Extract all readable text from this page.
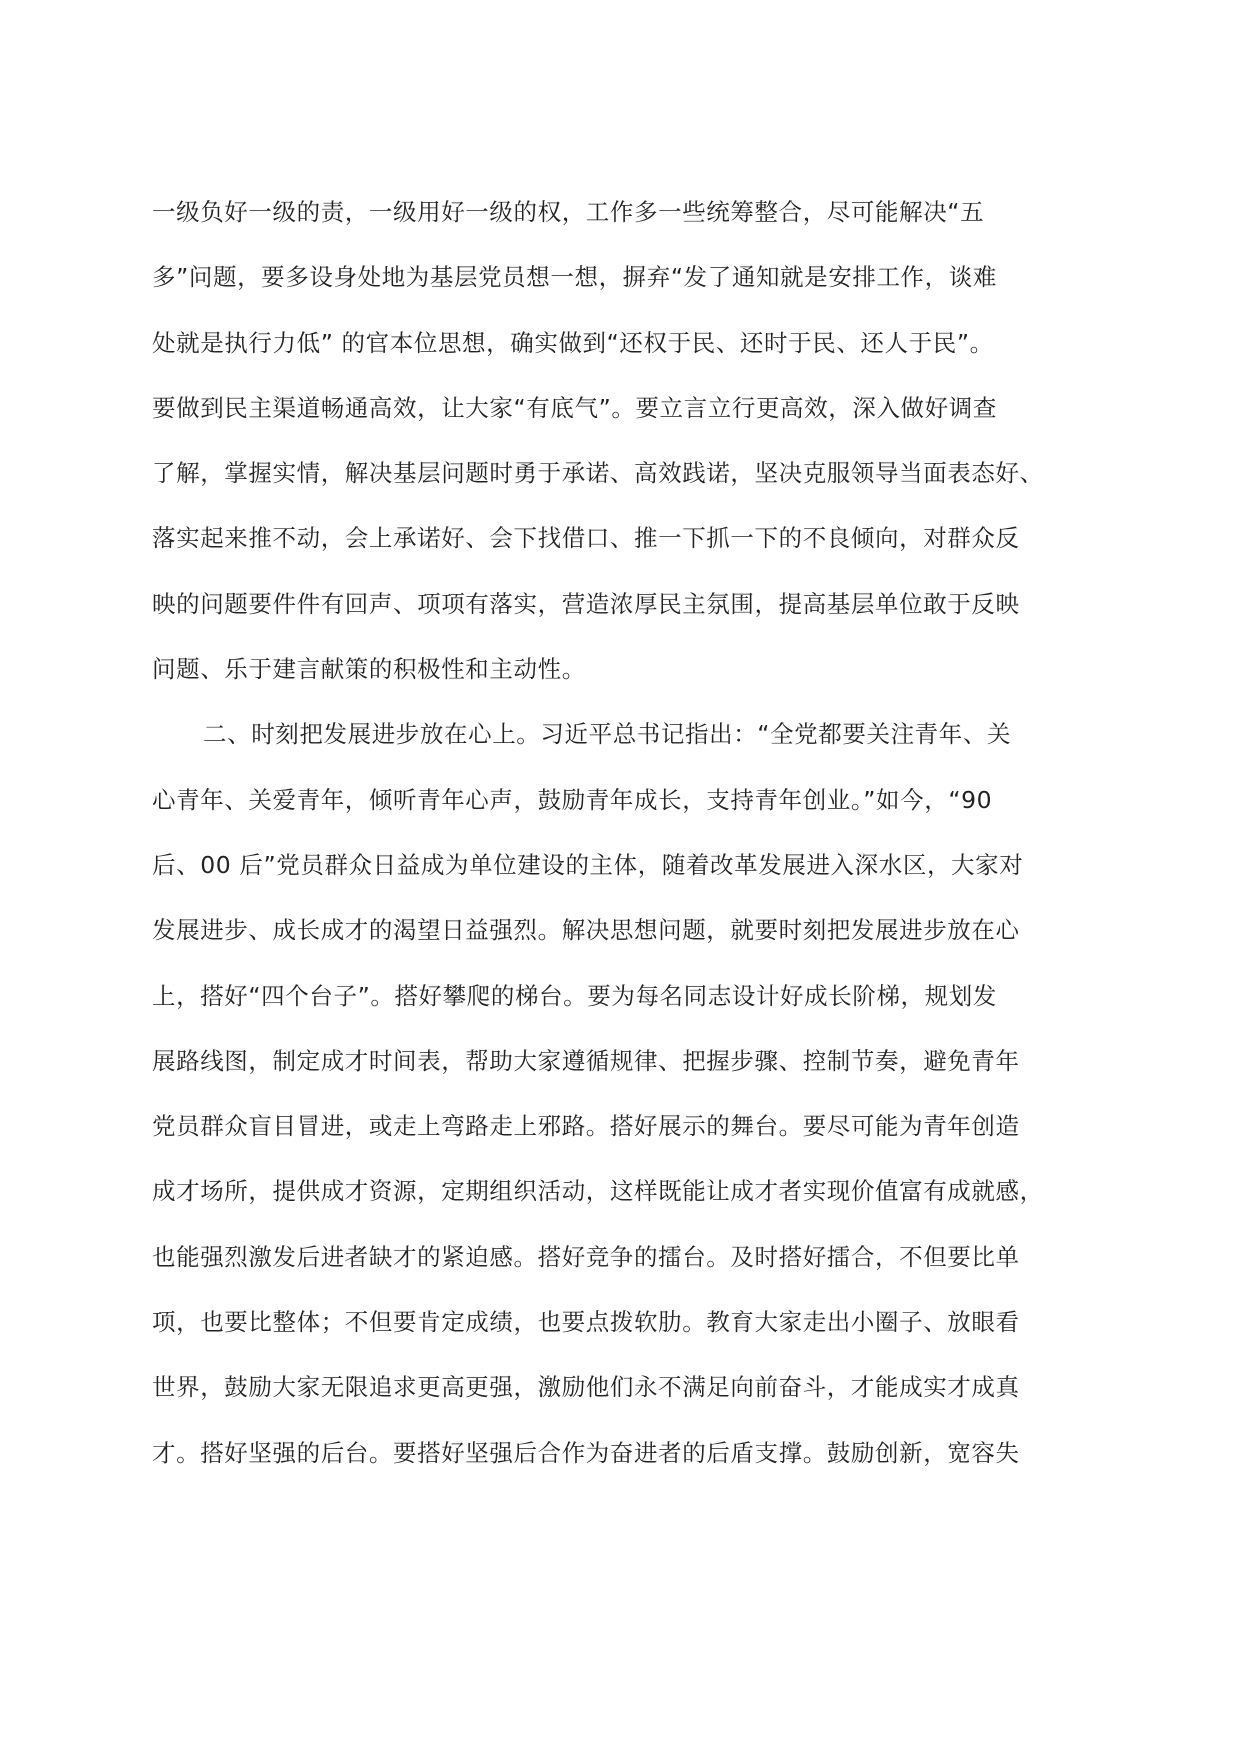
一级负好一级的责，一级用好一级的权，工作多一些统筹整合，尽可能解决“五
多”问题，要多设身处地为基层党员想一想，摒弃“发了通知就是安排工作，谈难
处就是执行力低” 的官本位思想，确实做到“还权于民、还时于民、还人于民”。
要做到民主渠道畅通高效，让大家“有底气”。要立言立行更高效，深入做好调查
了解，掌握实情，解决基层问题时勇于承诺、高效践诺，坚决克服领导当面表态好、
落实起来推不动，会上承诺好、会下找借口、推一下抓一下的不良倾向，对群众反
映的问题要件件有回声、项项有落实，营造浓厚民主氛围，提高基层单位敢于反映
问题、乐于建言献策的积极性和主动性。
二、时刻把发展进步放在心上。习近平总书记指出：“全党都要关注青年、关
心青年、关爱青年，倾听青年心声，鼓励青年成长，支持青年创业。”如今，“90
后、00 后”党员群众日益成为单位建设的主体，随着改革发展进入深水区，大家对
发展进步、成长成才的渴望日益强烈。解决思想问题，就要时刻把发展进步放在心
上，搭好“四个台子”。搭好攀爬的梯台。要为每名同志设计好成长阶梯，规划发
展路线图，制定成才时间表，帮助大家遵循规律、把握步骤、控制节奏，避免青年
党员群众盲目冒进，或走上弯路走上邪路。搭好展示的舞台。要尽可能为青年创造
成才场所，提供成才资源，定期组织活动，这样既能让成才者实现价值富有成就感，
也能强烈激发后进者缺才的紧迫感。搭好竞争的擂台。及时搭好擂合，不但要比单
项，也要比整体；不但要肯定成绩，也要点拨软肋。教育大家走出小圈子、放眼看
世界，鼓励大家无限追求更高更强，激励他们永不满足向前奋斗，才能成实才成真
才。搭好坚强的后台。要搭好坚强后合作为奋进者的后盾支撑。鼓励创新，宽容失
